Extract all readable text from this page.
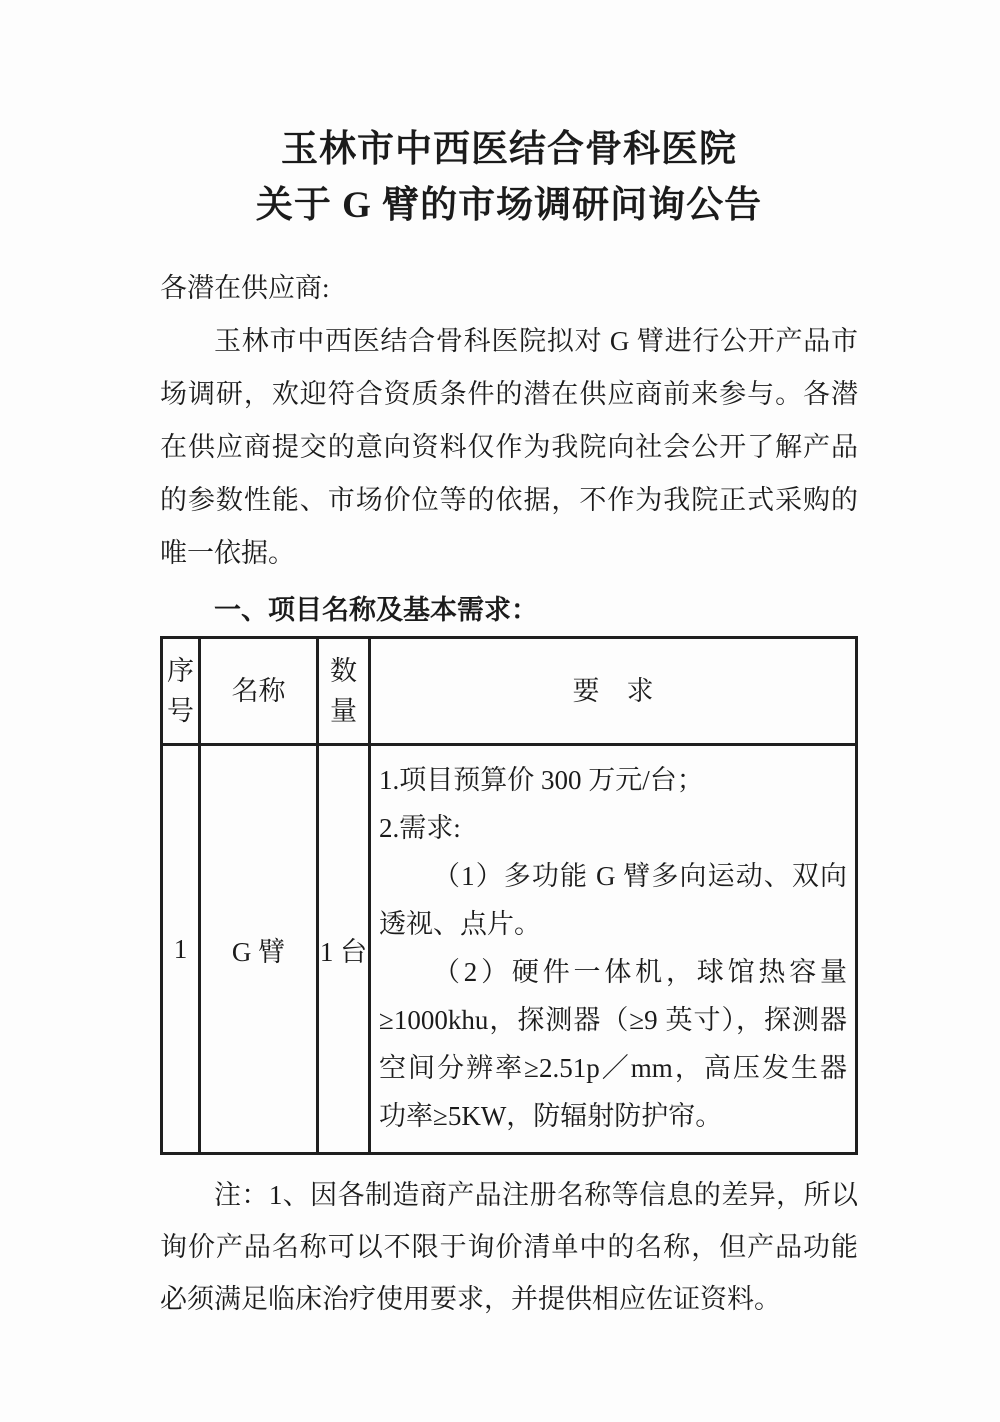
玉林市中西医结合骨科医院
关于 G 臂的市场调研问询公告
各潜在供应商:

玉林市中西医结合骨科医院拟对 G 臂进行公开产品市场调研，欢迎符合资质条件的潜在供应商前来参与。各潜在供应商提交的意向资料仅作为我院向社会公开了解产品的参数性能、市场价位等的依据，不作为我院正式采购的唯一依据。

一、项目名称及基本需求：

序号	名称	数量	要　求
1	G 臂	1 台	1.项目预算价 300 万元/台；

2.需求:

（1）多功能 G 臂多向运动、双向透视、点片。

（2）硬件一体机，球馆热容量≥1000khu，探测器（≥9 英寸），探测器空间分辨率≥2.51p／mm，高压发生器功率≥5KW，防辐射防护帘。

注：1、因各制造商产品注册名称等信息的差异，所以询价产品名称可以不限于询价清单中的名称，但产品功能必须满足临床治疗使用要求，并提供相应佐证资料。
